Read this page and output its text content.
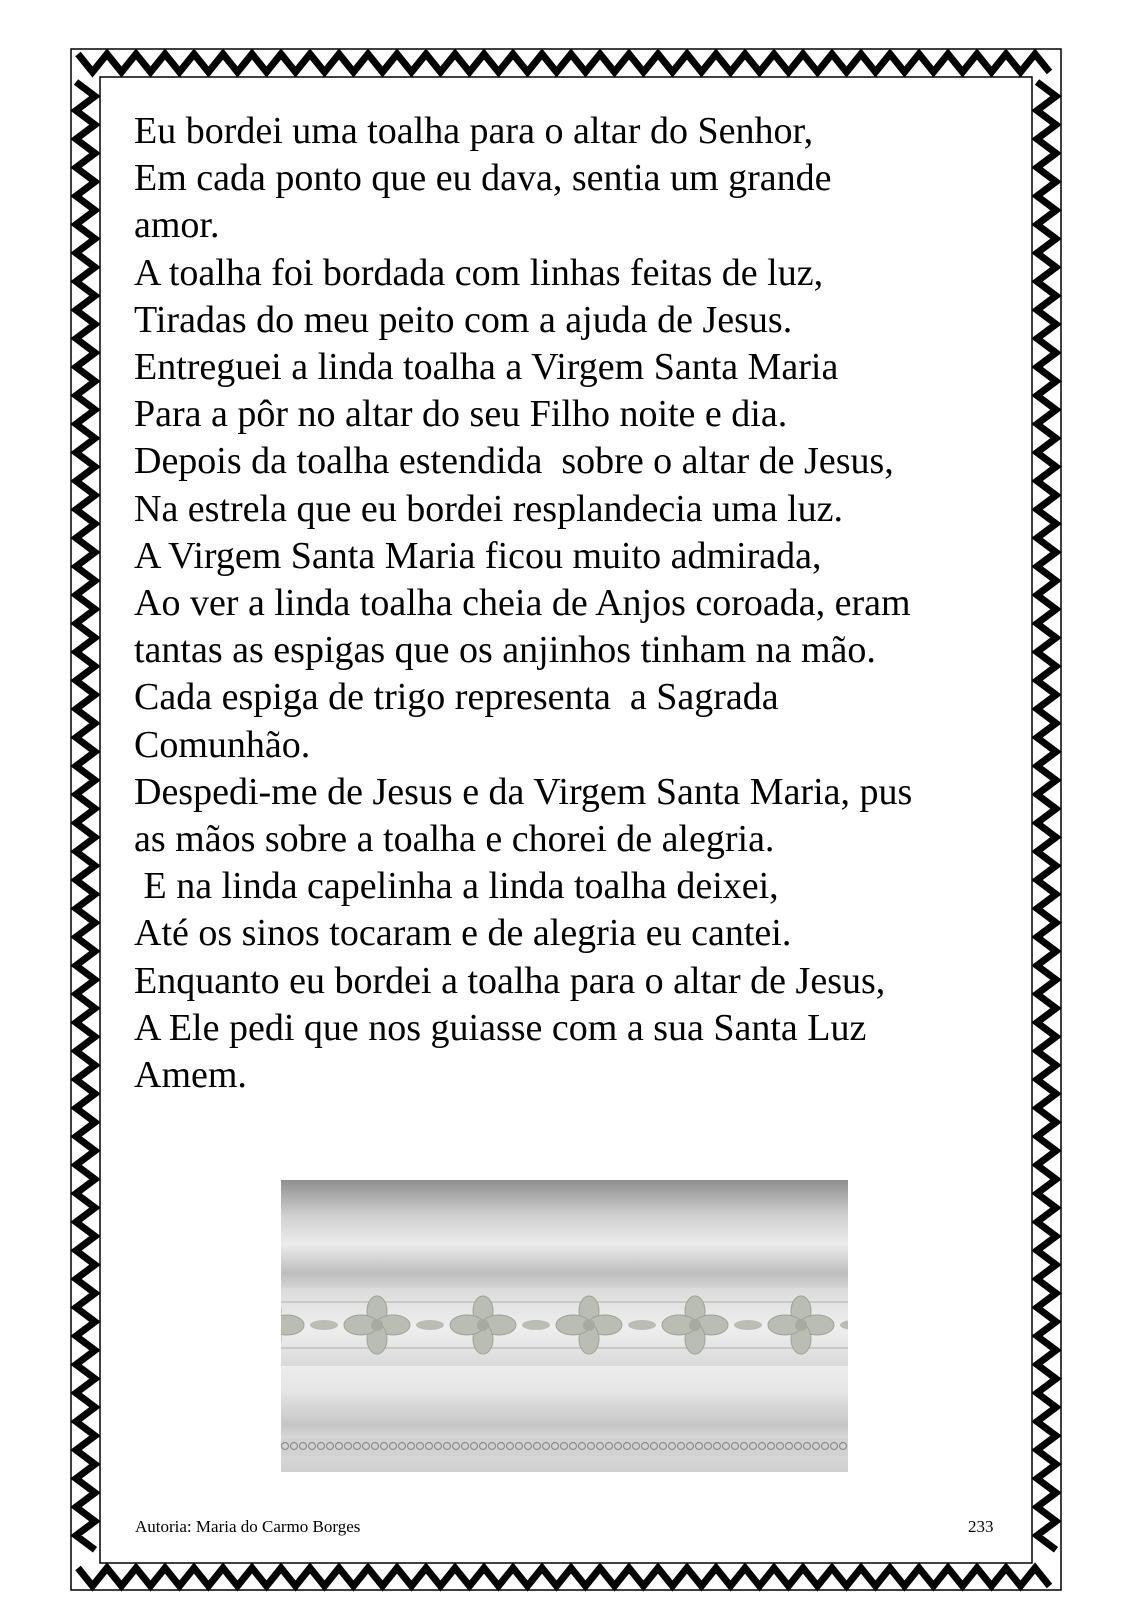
Eu bordei uma toalha para o altar do Senhor,
Em cada ponto que eu dava, sentia um grande
amor.
A toalha foi bordada com linhas feitas de luz,
Tiradas do meu peito com a ajuda de Jesus.
Entreguei a linda toalha a Virgem Santa Maria
Para a pôr no altar do seu Filho noite e dia.
Depois da toalha estendida  sobre o altar de Jesus,
Na estrela que eu bordei resplandecia uma luz.
A Virgem Santa Maria ficou muito admirada,
Ao ver a linda toalha cheia de Anjos coroada, eram
tantas as espigas que os anjinhos tinham na mão.
Cada espiga de trigo representa  a Sagrada
Comunhão.
Despedi-me de Jesus e da Virgem Santa Maria, pus
as mãos sobre a toalha e chorei de alegria.
E na linda capelinha a linda toalha deixei,
Até os sinos tocaram e de alegria eu cantei.
Enquanto eu bordei a toalha para o altar de Jesus,
A Ele pedi que nos guiasse com a sua Santa Luz
Amem.
Autoria: Maria do Carmo Borges	233
